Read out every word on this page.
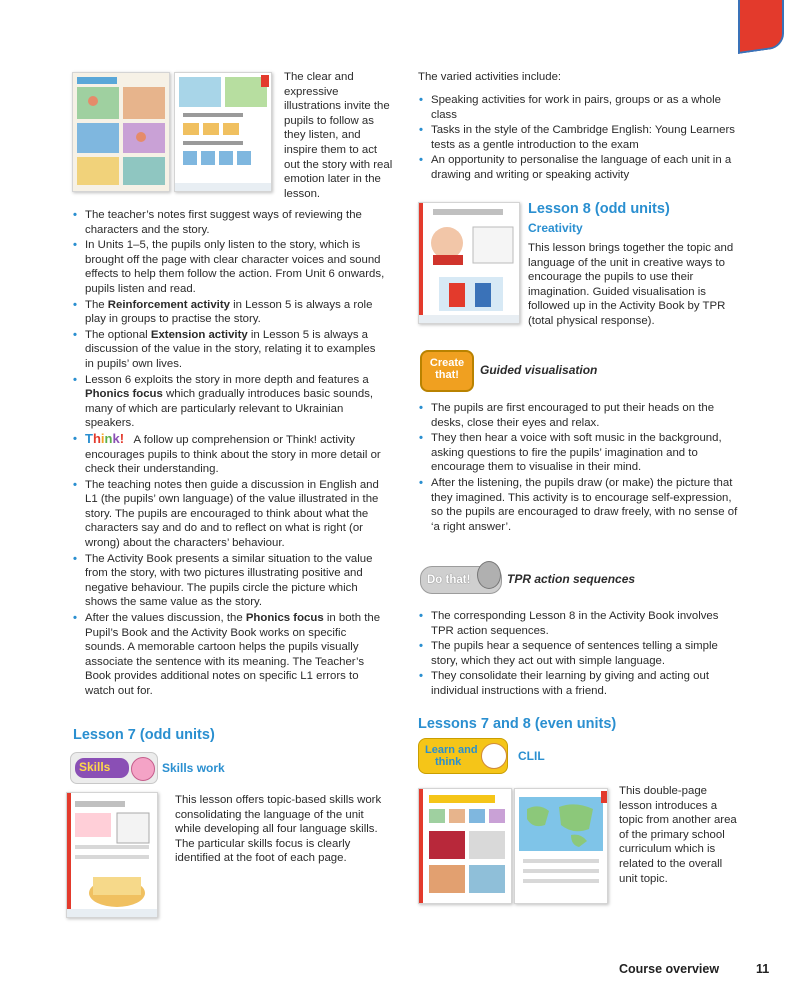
The clear and expressive illustrations invite the pupils to follow as they listen, and inspire them to act out the story with real emotion later in the lesson.
• The teacher’s notes first suggest ways of reviewing the characters and the story.
• In Units 1–5, the pupils only listen to the story, which is brought off the page with clear character voices and sound effects to help them follow the action. From Unit 6 onwards, pupils listen and read.
• The Reinforcement activity in Lesson 5 is always a role play in groups to practise the story.
• The optional Extension activity in Lesson 5 is always a discussion of the value in the story, relating it to examples in pupils’ own lives.
• Lesson 6 exploits the story in more depth and features a Phonics focus which gradually introduces basic sounds, many of which are particularly relevant to Ukrainian speakers.
• Think!   A follow up comprehension or Think! activity encourages pupils to think about the story in more detail or check their understanding.
• The teaching notes then guide a discussion in English and L1 (the pupils’ own language) of the value illustrated in the story. The pupils are encouraged to think about what the characters say and do and to reflect on what is right (or wrong) about the characters’ behaviour.
• The Activity Book presents a similar situation to the value from the story, with two pictures illustrating positive and negative behaviour. The pupils circle the picture which shows the same value as the story.
• After the values discussion, the Phonics focus in both the Pupil’s Book and the Activity Book works on specific sounds. A memorable cartoon helps the pupils visually associate the sentence with its meaning. The Teacher’s Book provides additional notes on specific L1 errors to watch out for.
Lesson 7 (odd units)
Skills	Skills work
This lesson offers topic-based skills work consolidating the language of the unit while developing all four language skills. The particular skills focus is clearly identified at the foot of each page.
The varied activities include:
• Speaking activities for work in pairs, groups or as a whole class
• Tasks in the style of the Cambridge English: Young Learners tests as a gentle introduction to the exam
• An opportunity to personalise the language of each unit in a drawing and writing or speaking activity
Lesson 8 (odd units)
Creativity
This lesson brings together the topic and language of the unit in creative ways to encourage the pupils to use their imagination. Guided visualisation is followed up in the Activity Book by TPR (total physical response).
Create
that!	Guided visualisation
• The pupils are first encouraged to put their heads on the desks, close their eyes and relax.
• They then hear a voice with soft music in the background, asking questions to fire the pupils’ imagination and to encourage them to visualise in their mind.
• After the listening, the pupils draw (or make) the picture that they imagined. This activity is to encourage self-expression, so the pupils are encouraged to draw freely, with no sense of ‘a right answer’.
Do that!	TPR action sequences
• The corresponding Lesson 8 in the Activity Book involves TPR action sequences.
• The pupils hear a sequence of sentences telling a simple story, which they act out with simple language.
• They consolidate their learning by giving and acting out individual instructions with a friend.
Lessons 7 and 8 (even units)
Learn and
think	CLIL
This double-page lesson introduces a topic from another area of the primary school curriculum which is related to the overall unit topic.
Course overview	11
